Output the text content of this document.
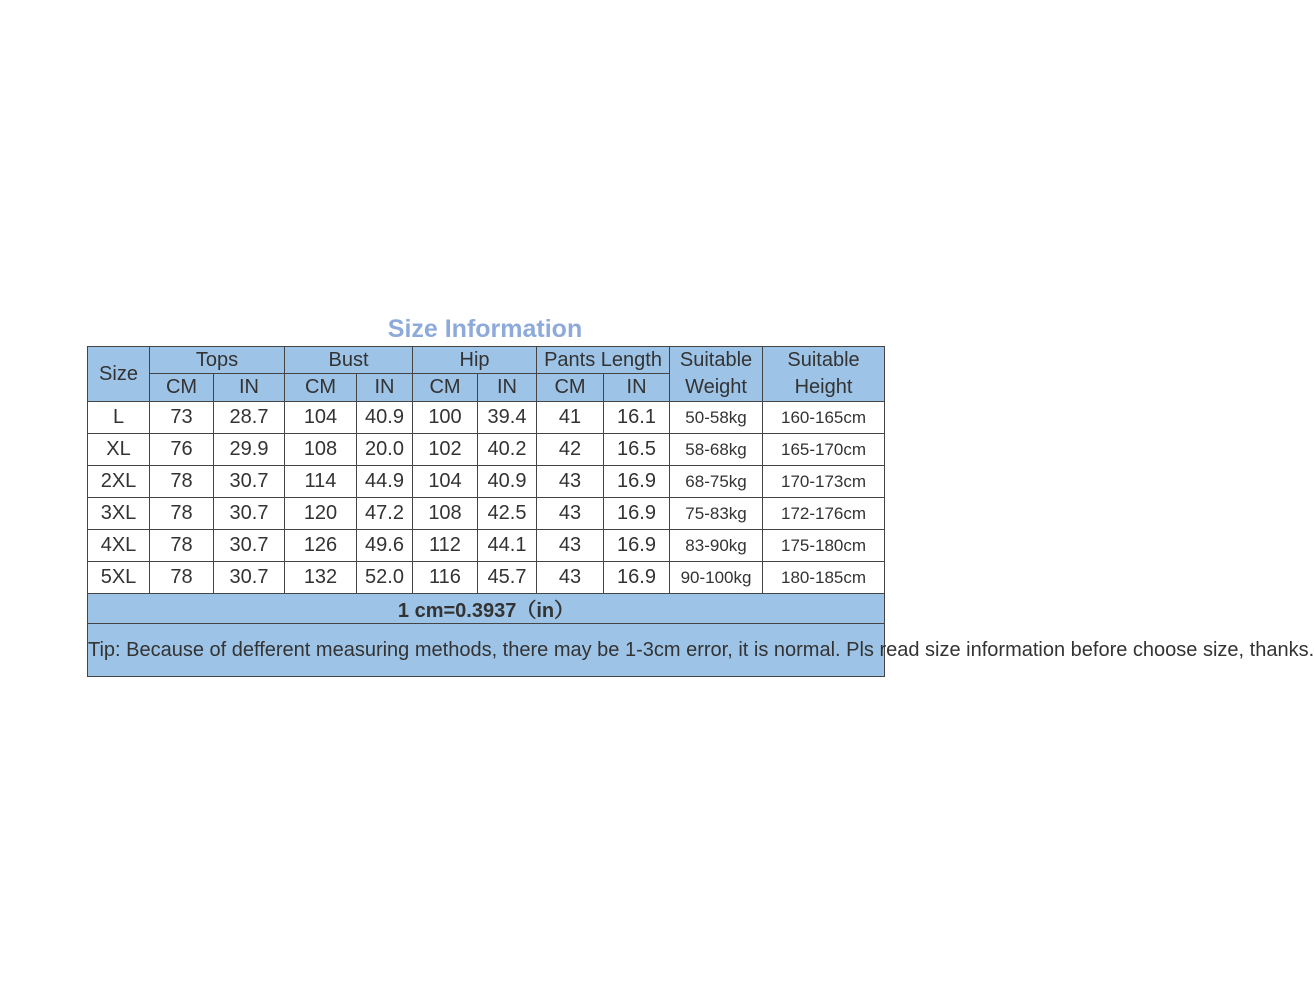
Size Information
Size	Tops		Bust		Hip		Pants Length		Suitable Weight	Suitable Height
	CM	IN	CM	IN	CM	IN	CM	IN		
L	73	28.7	104	40.9	100	39.4	41	16.1	50-58kg	160-165cm
XL	76	29.9	108	20.0	102	40.2	42	16.5	58-68kg	165-170cm
2XL	78	30.7	114	44.9	104	40.9	43	16.9	68-75kg	170-173cm
3XL	78	30.7	120	47.2	108	42.5	43	16.9	75-83kg	172-176cm
4XL	78	30.7	126	49.6	112	44.1	43	16.9	83-90kg	175-180cm
5XL	78	30.7	132	52.0	116	45.7	43	16.9	90-100kg	180-185cm
1 cm=0.3937（in）										
Tip: Because of defferent measuring methods, there may be 1-3cm error, it is normal. Pls read size information before choose size, thanks.										
